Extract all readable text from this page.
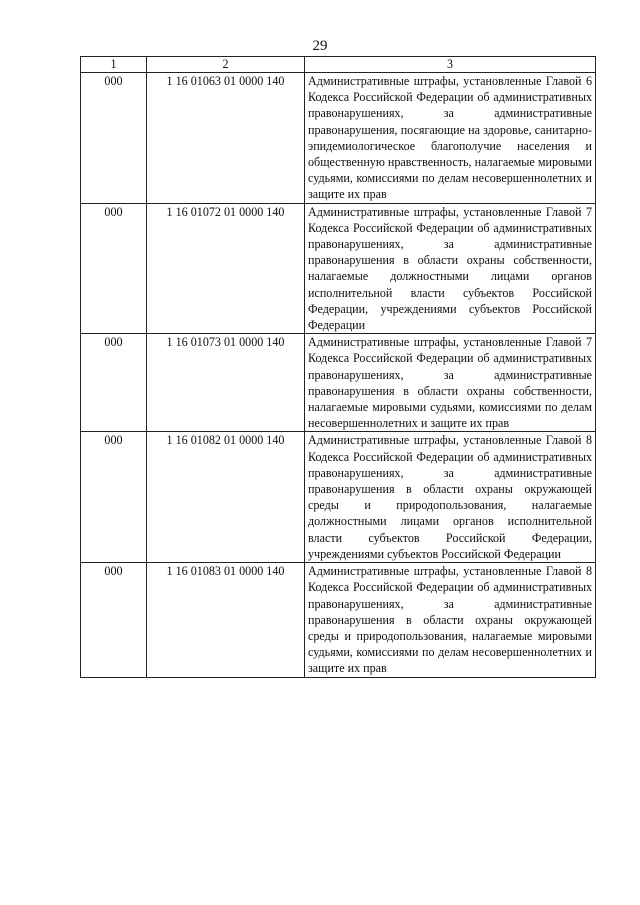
29
1	2	3
000	1 16 01063 01 0000 140	Административные штрафы, установленные Главой 6 Кодекса Российской Федерации об административных правонарушениях, за административные правонарушения, посягающие на здоровье, санитарно-эпидемиологическое благополучие населения и общественную нравственность, налагаемые мировыми судьями, комиссиями по делам несовершеннолетних и защите их прав
000	1 16 01072 01 0000 140	Административные штрафы, установленные Главой 7 Кодекса Российской Федерации об административных правонарушениях, за административные правонарушения в области охраны собственности, налагаемые должностными лицами органов исполнительной власти субъектов Российской Федерации, учреждениями субъектов Российской Федерации
000	1 16 01073 01 0000 140	Административные штрафы, установленные Главой 7 Кодекса Российской Федерации об административных правонарушениях, за административные правонарушения в области охраны собственности, налагаемые мировыми судьями, комиссиями по делам несовершеннолетних и защите их прав
000	1 16 01082 01 0000 140	Административные штрафы, установленные Главой 8 Кодекса Российской Федерации об административных правонарушениях, за административные правонарушения в области охраны окружающей среды и природопользования, налагаемые должностными лицами органов исполнительной власти субъектов Российской Федерации, учреждениями субъектов Российской Федерации
000	1 16 01083 01 0000 140	Административные штрафы, установленные Главой 8 Кодекса Российской Федерации об административных правонарушениях, за административные правонарушения в области охраны окружающей среды и природопользования, налагаемые мировыми судьями, комиссиями по делам несовершеннолетних и защите их прав
